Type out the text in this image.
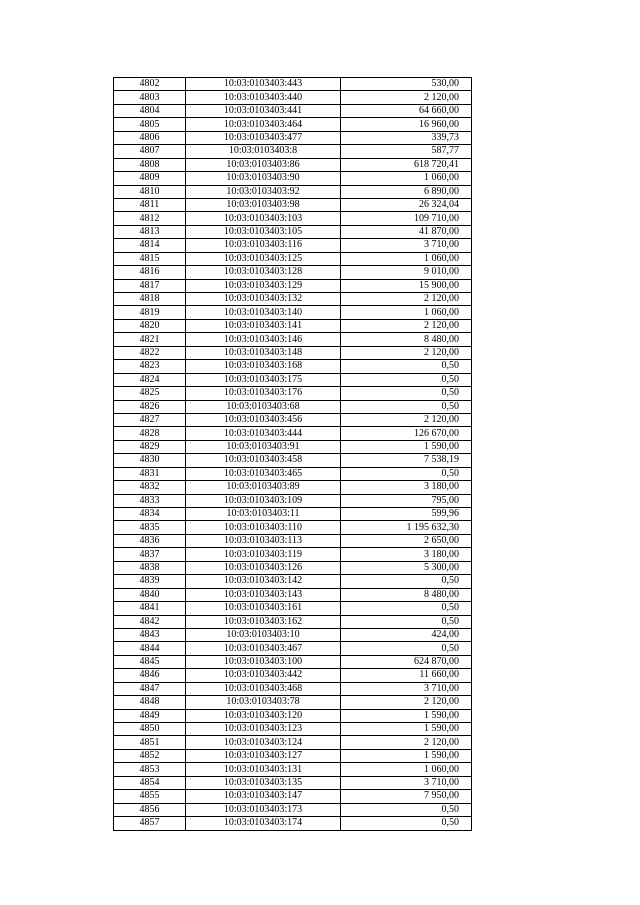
4802	10:03:0103403:443	530,00
4803	10:03:0103403:440	2 120,00
4804	10:03:0103403:441	64 660,00
4805	10:03:0103403:464	16 960,00
4806	10:03:0103403:477	339,73
4807	10:03:0103403:8	587,77
4808	10:03:0103403:86	618 720,41
4809	10:03:0103403:90	1 060,00
4810	10:03:0103403:92	6 890,00
4811	10:03:0103403:98	26 324,04
4812	10:03:0103403:103	109 710,00
4813	10:03:0103403:105	41 870,00
4814	10:03:0103403:116	3 710,00
4815	10:03:0103403:125	1 060,00
4816	10:03:0103403:128	9 010,00
4817	10:03:0103403:129	15 900,00
4818	10:03:0103403:132	2 120,00
4819	10:03:0103403:140	1 060,00
4820	10:03:0103403:141	2 120,00
4821	10:03:0103403:146	8 480,00
4822	10:03:0103403:148	2 120,00
4823	10:03:0103403:168	0,50
4824	10:03:0103403:175	0,50
4825	10:03:0103403:176	0,50
4826	10:03:0103403:68	0,50
4827	10:03:0103403:456	2 120,00
4828	10:03:0103403:444	126 670,00
4829	10:03:0103403:91	1 590,00
4830	10:03:0103403:458	7 538,19
4831	10:03:0103403:465	0,50
4832	10:03:0103403:89	3 180,00
4833	10:03:0103403:109	795,00
4834	10:03:0103403:11	599,96
4835	10:03:0103403:110	1 195 632,30
4836	10:03:0103403:113	2 650,00
4837	10:03:0103403:119	3 180,00
4838	10:03:0103403:126	5 300,00
4839	10:03:0103403:142	0,50
4840	10:03:0103403:143	8 480,00
4841	10:03:0103403:161	0,50
4842	10:03:0103403:162	0,50
4843	10:03:0103403:10	424,00
4844	10:03:0103403:467	0,50
4845	10:03:0103403:100	624 870,00
4846	10:03:0103403:442	11 660,00
4847	10:03:0103403:468	3 710,00
4848	10:03:0103403:78	2 120,00
4849	10:03:0103403:120	1 590,00
4850	10:03:0103403:123	1 590,00
4851	10:03:0103403:124	2 120,00
4852	10:03:0103403:127	1 590,00
4853	10:03:0103403:131	1 060,00
4854	10:03:0103403:135	3 710,00
4855	10:03:0103403:147	7 950,00
4856	10:03:0103403:173	0,50
4857	10:03:0103403:174	0,50
